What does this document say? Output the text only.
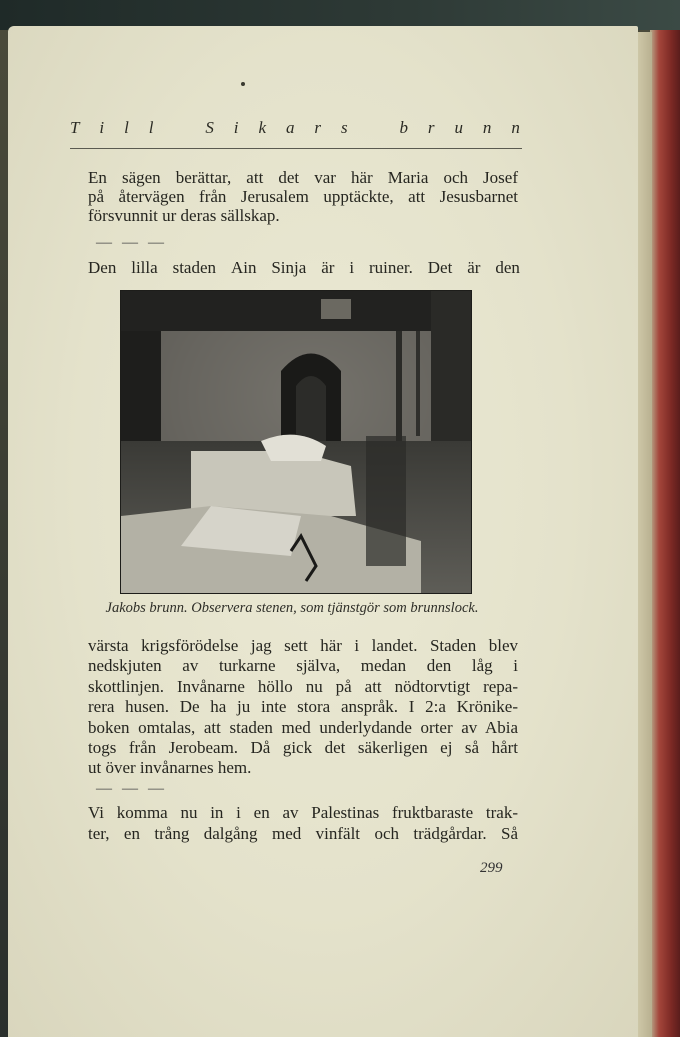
T i l l	S i k a r s	b r u n n
En sägen berättar, att det var här Maria och Josef
på återvägen från Jerusalem upptäckte, att Jesusbarnet
försvunnit ur deras sällskap.
— — —
Den lilla staden Ain Sinja är i ruiner. Det är den
Jakobs brunn. Observera stenen, som tjänstgör som brunnslock.
värsta krigsförödelse jag sett här i landet. Staden blev
nedskjuten av turkarne själva, medan den låg i
skottlinjen. Invånarne höllo nu på att nödtorvtigt repa-
rera husen. De ha ju inte stora anspråk. I 2:a Krönike-
boken omtalas, att staden med underlydande orter av Abia
togs från Jerobeam. Då gick det säkerligen ej så hårt
ut över invånarnes hem.
— — —
Vi komma nu in i en av Palestinas fruktbaraste trak-
ter, en trång dalgång med vinfält och trädgårdar. Så
299
